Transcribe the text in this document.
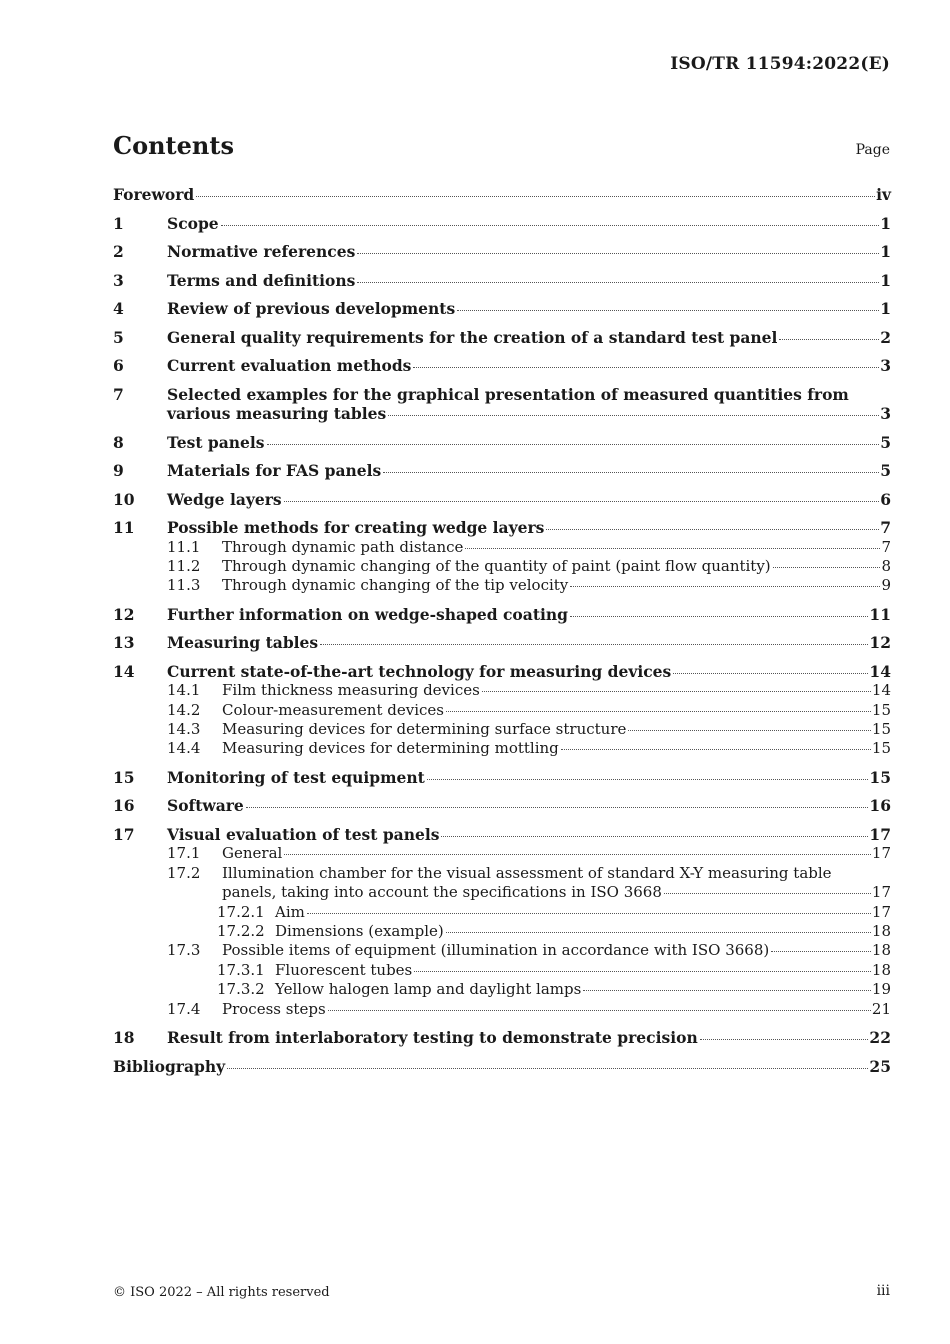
ISO/TR 11594:2022(E)
Contents	Page
Foreword	iv
1	Scope	1
2	Normative references	1
3	Terms and definitions	1
4	Review of previous developments	1
5	General quality requirements for the creation of a standard test panel	2
6	Current evaluation methods	3
7	Selected examples for the graphical presentation of measured quantities from
various measuring tables	3
8	Test panels	5
9	Materials for FAS panels	5
10	Wedge layers	6
11	Possible methods for creating wedge layers	7
11.1	Through dynamic path distance	7
11.2	Through dynamic changing of the quantity of paint (paint flow quantity)	8
11.3	Through dynamic changing of the tip velocity	9
12	Further information on wedge-shaped coating	11
13	Measuring tables	12
14	Current state-of-the-art technology for measuring devices	14
14.1	Film thickness measuring devices	14
14.2	Colour-measurement devices	15
14.3	Measuring devices for determining surface structure	15
14.4	Measuring devices for determining mottling	15
15	Monitoring of test equipment	15
16	Software	16
17	Visual evaluation of test panels	17
17.1	General	17
17.2	Illumination chamber for the visual assessment of standard X-Y measuring table
panels, taking into account the specifications in ISO 3668	17
17.2.1 Aim	17
17.2.2 Dimensions (example)	18
17.3	Possible items of equipment (illumination in accordance with ISO 3668)	18
17.3.1 Fluorescent tubes	18
17.3.2 Yellow halogen lamp and daylight lamps	19
17.4	Process steps	21
18	Result from interlaboratory testing to demonstrate precision	22
Bibliography	25
© ISO 2022 – All rights reserved	iii
